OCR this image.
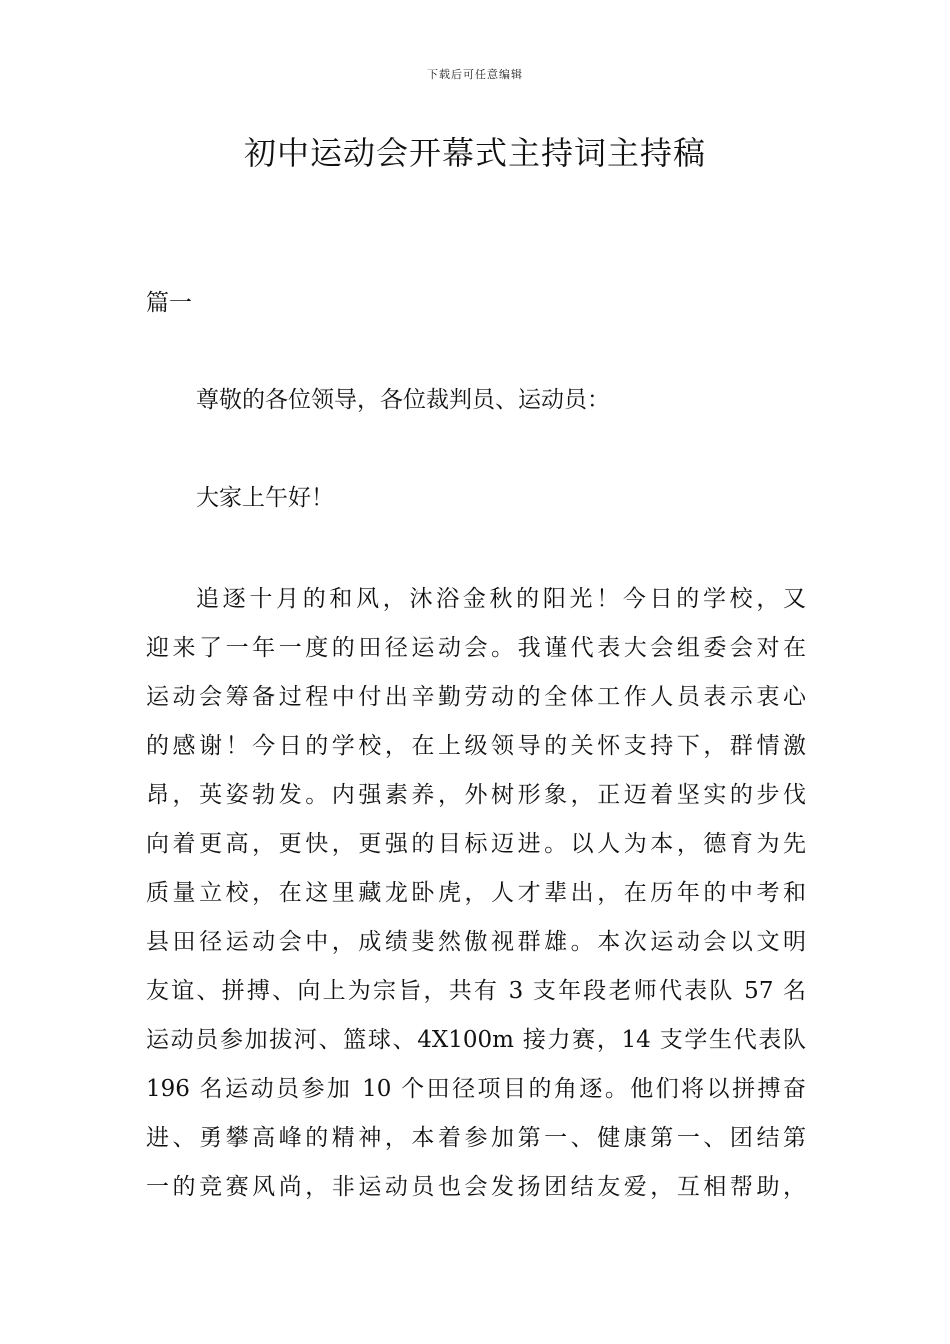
下载后可任意编辑
初中运动会开幕式主持词主持稿

篇一

尊敬的各位领导，各位裁判员、运动员：

大家上午好！

追逐十月的和风，沐浴金秋的阳光！今日的学校，又
迎来了一年一度的田径运动会。我谨代表大会组委会对在
运动会筹备过程中付出辛勤劳动的全体工作人员表示衷心
的感谢！今日的学校，在上级领导的关怀支持下，群情激
昂，英姿勃发。内强素养，外树形象，正迈着坚实的步伐
向着更高，更快，更强的目标迈进。以人为本，德育为先
质量立校，在这里藏龙卧虎，人才辈出，在历年的中考和
县田径运动会中，成绩斐然傲视群雄。本次运动会以文明
友谊、拼搏、向上为宗旨，共有 3 支年段老师代表队 57 名
运动员参加拔河、篮球、4X100m 接力赛，14 支学生代表队
196 名运动员参加 10 个田径项目的角逐。他们将以拼搏奋
进、勇攀高峰的精神，本着参加第一、健康第一、团结第
一的竞赛风尚，非运动员也会发扬团结友爱，互相帮助，
